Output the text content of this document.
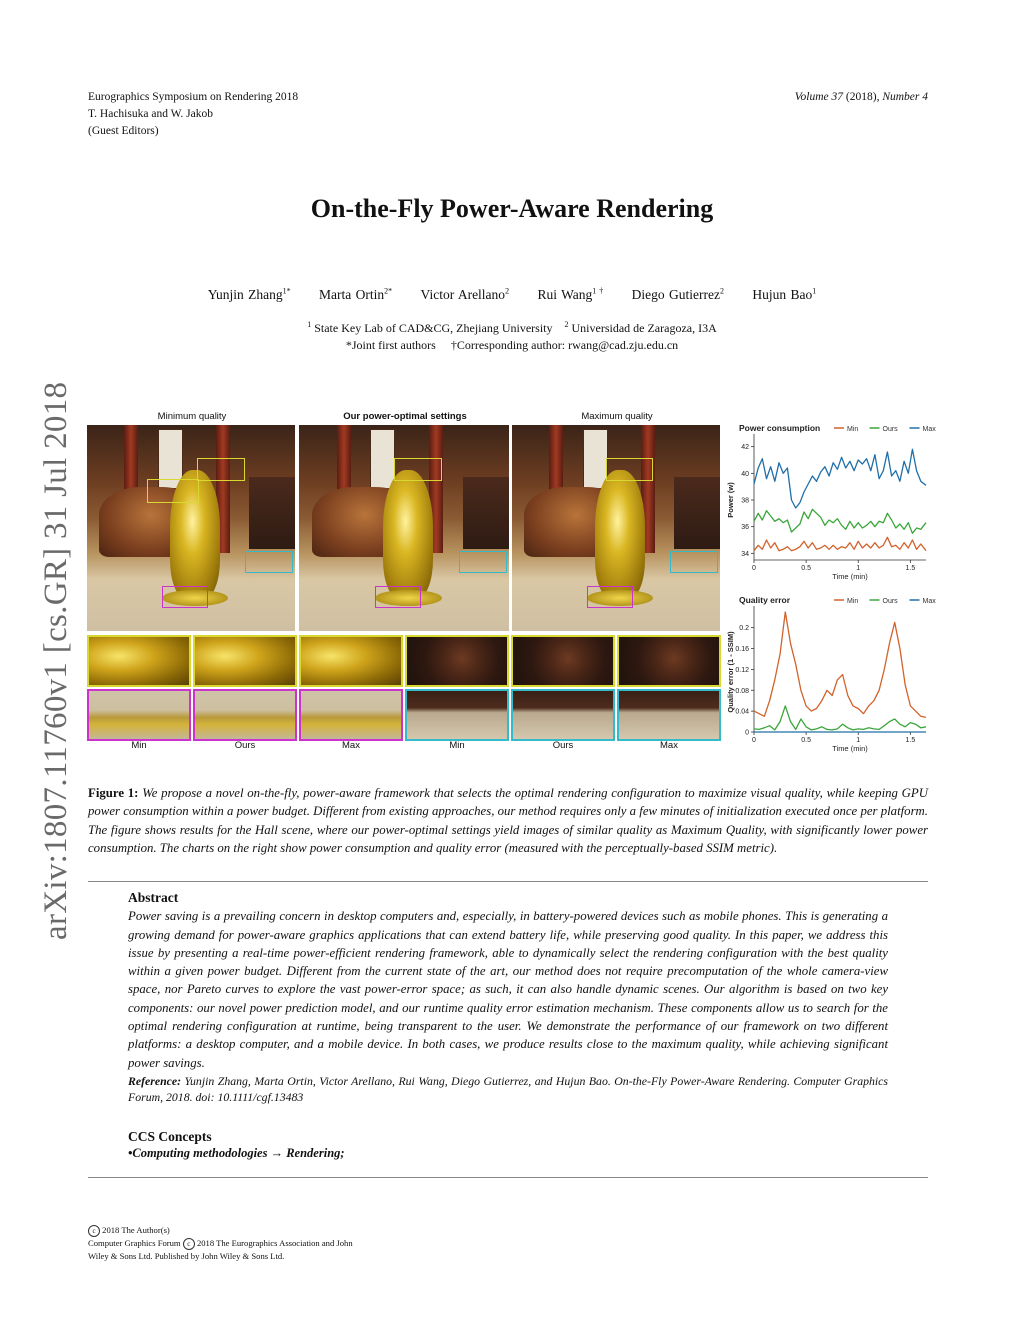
Eurographics Symposium on Rendering 2018
T. Hachisuka and W. Jakob
(Guest Editors)
Volume 37 (2018), Number 4
arXiv:1807.11760v1 [cs.GR] 31 Jul 2018
On-the-Fly Power-Aware Rendering
Yunjin Zhang$^{1*}$ Marta Ortin$^{2*}$ Victor Arellano$^2$ Rui Wang$^{1 \dagger}$ Diego Gutierrez$^2$ Hujun Bao$^1$
$^1$ State Key Lab of CAD&CG, Zhejiang University $^2$ Universidad de Zaragoza, I3A
*Joint first authors     †Corresponding author: rwang@cad.zju.edu.cn
Minimum quality	Our power-optimal settings	Maximum quality
Min	Ours	Max	Min	Ours	Max
Power consumption	Min	Ours	Max
0	0.5	1	1.5
34
36
38
40
42
Time (min)
Power (w)
Quality error	Min	Ours	Max
0	0.5	1	1.5
0
0.04
0.08
0.12
0.16
0.2
Time (min)
Quality error (1 - SSIM)
Figure 1: We propose a novel on-the-fly, power-aware framework that selects the optimal rendering configuration to maximize visual quality, while keeping GPU power consumption within a power budget. Different from existing approaches, our method requires only a few minutes of initialization executed once per platform. The figure shows results for the Hall scene, where our power-optimal settings yield images of similar quality as Maximum Quality, with significantly lower power consumption. The charts on the right show power consumption and quality error (measured with the perceptually-based SSIM metric).
Abstract
Power saving is a prevailing concern in desktop computers and, especially, in battery-powered devices such as mobile phones. This is generating a growing demand for power-aware graphics applications that can extend battery life, while preserving good quality. In this paper, we address this issue by presenting a real-time power-efficient rendering framework, able to dynamically select the rendering configuration with the best quality within a given power budget. Different from the current state of the art, our method does not require precomputation of the whole camera-view space, nor Pareto curves to explore the vast power-error space; as such, it can also handle dynamic scenes. Our algorithm is based on two key components: our novel power prediction model, and our runtime quality error estimation mechanism. These components allow us to search for the optimal rendering configuration at runtime, being transparent to the user. We demonstrate the performance of our framework on two different platforms: a desktop computer, and a mobile device. In both cases, we produce results close to the maximum quality, while achieving significant power savings.
Reference: Yunjin Zhang, Marta Ortin, Victor Arellano, Rui Wang, Diego Gutierrez, and Hujun Bao. On-the-Fly Power-Aware Rendering. Computer Graphics Forum, 2018. doi: 10.1111/cgf.13483
CCS Concepts
•Computing methodologies → Rendering;
c 2018 The Author(s)
Computer Graphics Forum c 2018 The Eurographics Association and John
Wiley & Sons Ltd. Published by John Wiley & Sons Ltd.
